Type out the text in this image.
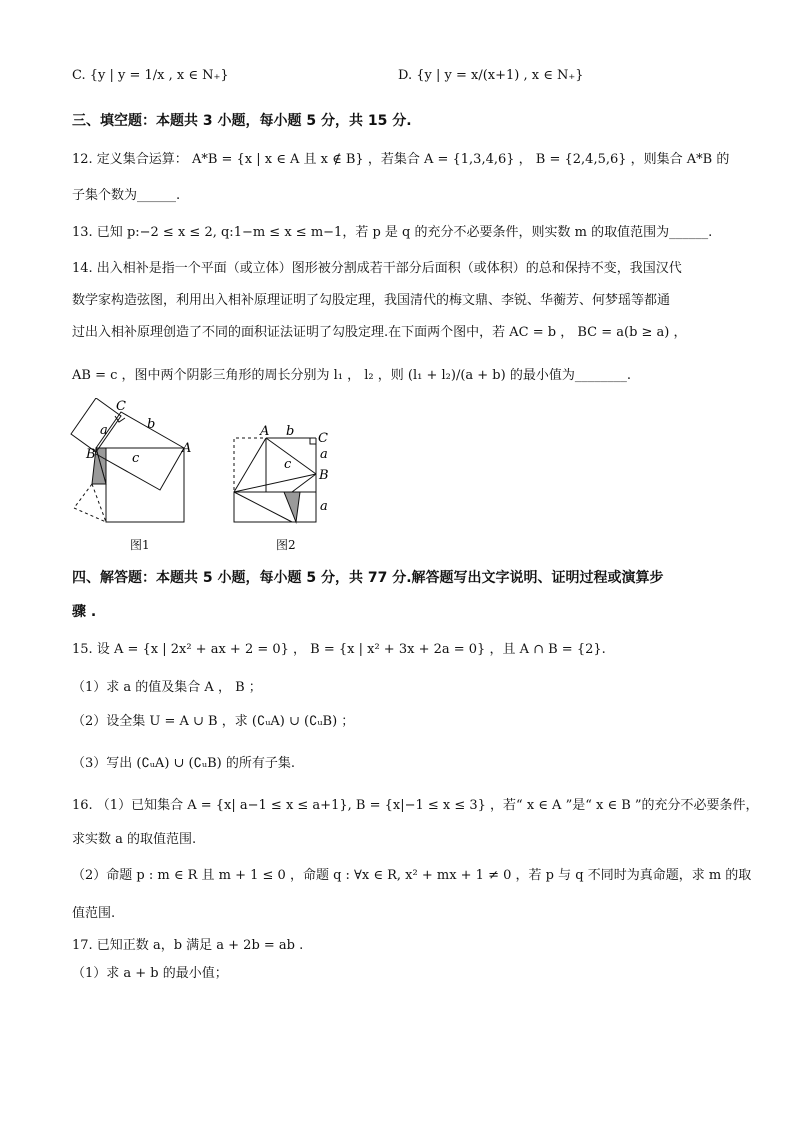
C. {y | y = 1/x , x ∈ N₊}	D. {y | y = x/(x+1) , x ∈ N₊}
三、填空题：本题共 3 小题，每小题 5 分，共 15 分.
12. 定义集合运算： A*B = {x | x ∈ A 且 x ∉ B} ，若集合 A = {1,3,4,6} ， B = {2,4,5,6} ，则集合 A*B 的
子集个数为______.
13. 已知 p:−2 ≤ x ≤ 2, q:1−m ≤ x ≤ m−1，若 p 是 q 的充分不必要条件，则实数 m 的取值范围为______.
14. 出入相补是指一个平面（或立体）图形被分割成若干部分后面积（或体积）的总和保持不变，我国汉代
数学家构造弦图，利用出入相补原理证明了勾股定理，我国清代的梅文鼎、李锐、华蘅芳、何梦瑶等都通
过出入相补原理创造了不同的面积证法证明了勾股定理.在下面两个图中，若 AC = b ， BC = a(b ≥ a) ，
AB = c ，图中两个阴影三角形的周长分别为 l₁ ， l₂ ，则 (l₁ + l₂)/(a + b) 的最小值为________.
C
a	b
B	c
A
图1
A b C
a
c
B
a
图2
四、解答题：本题共 5 小题，每小题 5 分，共 77 分.解答题写出文字说明、证明过程或演算步
骤 .
15. 设 A = {x | 2x² + ax + 2 = 0} ， B = {x | x² + 3x + 2a = 0} ，且 A ∩ B = {2}.
（1）求 a 的值及集合 A ， B ；
（2）设全集 U = A ∪ B ，求 (∁ᵤA) ∪ (∁ᵤB) ；
（3）写出 (∁ᵤA) ∪ (∁ᵤB) 的所有子集.
16. （1）已知集合 A = {x| a−1 ≤ x ≤ a+1}, B = {x|−1 ≤ x ≤ 3} ，若“ x ∈ A ”是“ x ∈ B ”的充分不必要条件，
求实数 a 的取值范围.
（2）命题 p : m ∈ R 且 m + 1 ≤ 0 ，命题 q : ∀x ∈ R, x² + mx + 1 ≠ 0 ，若 p 与 q 不同时为真命题，求 m 的取
值范围.
17. 已知正数 a，b 满足 a + 2b = ab .
（1）求 a + b 的最小值；
